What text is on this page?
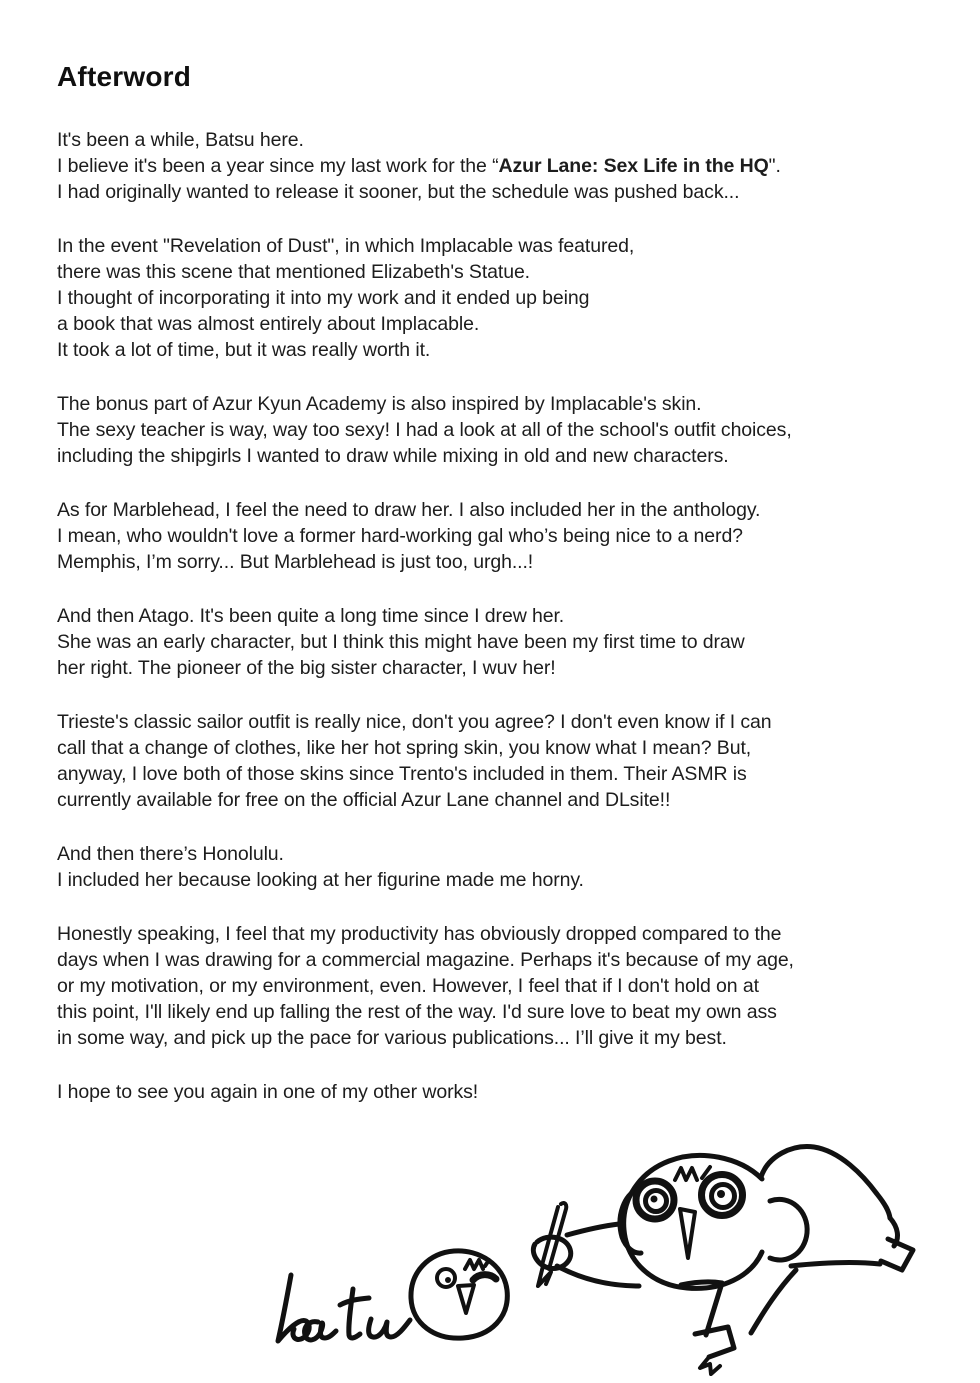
Afterword
It's been a while, Batsu here.
I believe it's been a year since my last work for the “Azur Lane: Sex Life in the HQ".
I had originally wanted to release it sooner, but the schedule was pushed back...
In the event "Revelation of Dust", in which Implacable was featured,
there was this scene that mentioned Elizabeth's Statue.
I thought of incorporating it into my work and it ended up being
a book that was almost entirely about Implacable.
It took a lot of time, but it was really worth it.
The bonus part of Azur Kyun Academy is also inspired by Implacable's skin.
The sexy teacher is way, way too sexy! I had a look at all of the school's outfit choices,
including the shipgirls I wanted to draw while mixing in old and new characters.
As for Marblehead, I feel the need to draw her. I also included her in the anthology.
I mean, who wouldn't love a former hard-working gal who’s being nice to a nerd?
Memphis, I’m sorry... But Marblehead is just too, urgh...!
And then Atago. It's been quite a long time since I drew her.
She was an early character, but I think this might have been my first time to draw
her right. The pioneer of the big sister character, I wuv her!
Trieste's classic sailor outfit is really nice, don't you agree? I don't even know if I can
call that a change of clothes, like her hot spring skin, you know what I mean? But,
anyway, I love both of those skins since Trento's included in them. Their ASMR is
currently available for free on the official Azur Lane channel and DLsite!!
And then there’s Honolulu.
I included her because looking at her figurine made me horny.
Honestly speaking, I feel that my productivity has obviously dropped compared to the
days when I was drawing for a commercial magazine. Perhaps it's because of my age,
or my motivation, or my environment, even. However, I feel that if I don't hold on at
this point, I'll likely end up falling the rest of the way. I'd sure love to beat my own ass
in some way, and pick up the pace for various publications... I’ll give it my best.
I hope to see you again in one of my other works!
